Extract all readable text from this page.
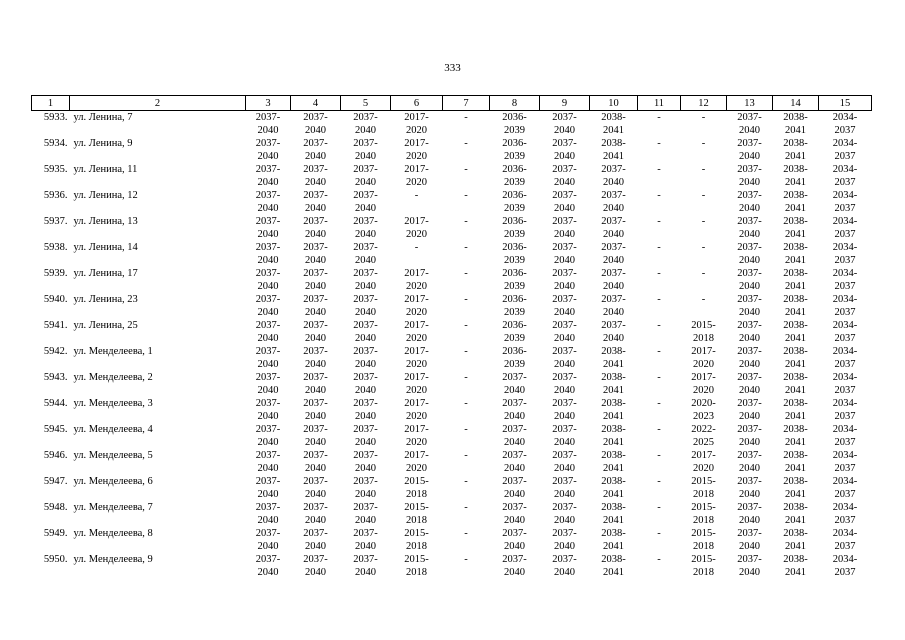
333
1	2	3	4	5	6	7	8	9	10	11	12	13	14	15
5933.	ул. Ленина, 7	2037-
2040	2037-
2040	2037-
2040	2017-
2020	-	2036-
2039	2037-
2040	2038-
2041	-	-	2037-
2040	2038-
2041	2034-
2037

5934.	ул. Ленина, 9	2037-
2040	2037-
2040	2037-
2040	2017-
2020	-	2036-
2039	2037-
2040	2038-
2041	-	-	2037-
2040	2038-
2041	2034-
2037

5935.	ул. Ленина, 11	2037-
2040	2037-
2040	2037-
2040	2017-
2020	-	2036-
2039	2037-
2040	2037-
2040	-	-	2037-
2040	2038-
2041	2034-
2037

5936.	ул. Ленина, 12	2037-
2040	2037-
2040	2037-
2040	-	-	2036-
2039	2037-
2040	2037-
2040	-	-	2037-
2040	2038-
2041	2034-
2037

5937.	ул. Ленина, 13	2037-
2040	2037-
2040	2037-
2040	2017-
2020	-	2036-
2039	2037-
2040	2037-
2040	-	-	2037-
2040	2038-
2041	2034-
2037

5938.	ул. Ленина, 14	2037-
2040	2037-
2040	2037-
2040	-	-	2036-
2039	2037-
2040	2037-
2040	-	-	2037-
2040	2038-
2041	2034-
2037

5939.	ул. Ленина, 17	2037-
2040	2037-
2040	2037-
2040	2017-
2020	-	2036-
2039	2037-
2040	2037-
2040	-	-	2037-
2040	2038-
2041	2034-
2037

5940.	ул. Ленина, 23	2037-
2040	2037-
2040	2037-
2040	2017-
2020	-	2036-
2039	2037-
2040	2037-
2040	-	-	2037-
2040	2038-
2041	2034-
2037

5941.	ул. Ленина, 25	2037-
2040	2037-
2040	2037-
2040	2017-
2020	-	2036-
2039	2037-
2040	2037-
2040	-	2015-
2018	2037-
2040	2038-
2041	2034-
2037

5942.	ул. Менделеева, 1	2037-
2040	2037-
2040	2037-
2040	2017-
2020	-	2036-
2039	2037-
2040	2038-
2041	-	2017-
2020	2037-
2040	2038-
2041	2034-
2037

5943.	ул. Менделеева, 2	2037-
2040	2037-
2040	2037-
2040	2017-
2020	-	2037-
2040	2037-
2040	2038-
2041	-	2017-
2020	2037-
2040	2038-
2041	2034-
2037

5944.	ул. Менделеева, 3	2037-
2040	2037-
2040	2037-
2040	2017-
2020	-	2037-
2040	2037-
2040	2038-
2041	-	2020-
2023	2037-
2040	2038-
2041	2034-
2037

5945.	ул. Менделеева, 4	2037-
2040	2037-
2040	2037-
2040	2017-
2020	-	2037-
2040	2037-
2040	2038-
2041	-	2022-
2025	2037-
2040	2038-
2041	2034-
2037

5946.	ул. Менделеева, 5	2037-
2040	2037-
2040	2037-
2040	2017-
2020	-	2037-
2040	2037-
2040	2038-
2041	-	2017-
2020	2037-
2040	2038-
2041	2034-
2037

5947.	ул. Менделеева, 6	2037-
2040	2037-
2040	2037-
2040	2015-
2018	-	2037-
2040	2037-
2040	2038-
2041	-	2015-
2018	2037-
2040	2038-
2041	2034-
2037

5948.	ул. Менделеева, 7	2037-
2040	2037-
2040	2037-
2040	2015-
2018	-	2037-
2040	2037-
2040	2038-
2041	-	2015-
2018	2037-
2040	2038-
2041	2034-
2037

5949.	ул. Менделеева, 8	2037-
2040	2037-
2040	2037-
2040	2015-
2018	-	2037-
2040	2037-
2040	2038-
2041	-	2015-
2018	2037-
2040	2038-
2041	2034-
2037

5950.	ул. Менделеева, 9	2037-
2040	2037-
2040	2037-
2040	2015-
2018	-	2037-
2040	2037-
2040	2038-
2041	-	2015-
2018	2037-
2040	2038-
2041	2034-
2037
